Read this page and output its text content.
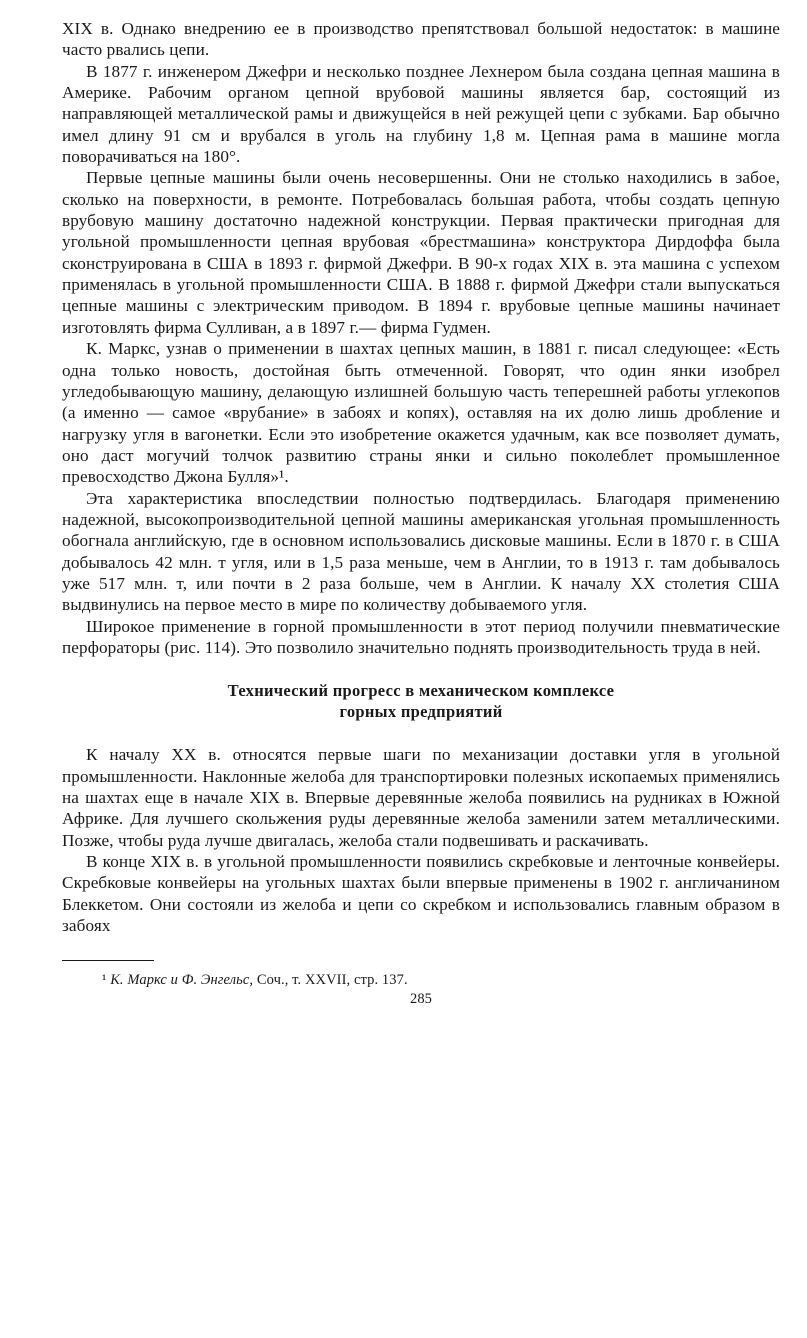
XIX в. Однако внедрению ее в производство препятствовал большой недостаток: в машине часто рвались цепи.

В 1877 г. инженером Джефри и несколько позднее Лехнером была создана цепная машина в Америке. Рабочим органом цепной врубовой машины является бар, состоящий из направляющей металлической рамы и движущейся в ней режущей цепи с зубками. Бар обычно имел длину 91 см и врубался в уголь на глубину 1,8 м. Цепная рама в машине могла поворачиваться на 180°.

Первые цепные машины были очень несовершенны. Они не столько находились в забое, сколько на поверхности, в ремонте. Потребовалась большая работа, чтобы создать цепную врубовую машину достаточно надежной конструкции. Первая практически пригодная для угольной промышленности цепная врубовая «брестмашина» конструктора Дирдоффа была сконструирована в США в 1893 г. фирмой Джефри. В 90-х годах XIX в. эта машина с успехом применялась в угольной промышленности США. В 1888 г. фирмой Джефри стали выпускаться цепные машины с электрическим приводом. В 1894 г. врубовые цепные машины начинает изготовлять фирма Сулливан, а в 1897 г.— фирма Гудмен.

К. Маркс, узнав о применении в шахтах цепных машин, в 1881 г. писал следующее: «Есть одна только новость, достойная быть отмеченной. Говорят, что один янки изобрел угледобывающую машину, делающую излишней большую часть теперешней работы углекопов (а именно — самое «врубание» в забоях и копях), оставляя на их долю лишь дробление и нагрузку угля в вагонетки. Если это изобретение окажется удачным, как все позволяет думать, оно даст могучий толчок развитию страны янки и сильно поколеблет промышленное превосходство Джона Булля»¹.

Эта характеристика впоследствии полностью подтвердилась. Благодаря применению надежной, высокопроизводительной цепной машины американская угольная промышленность обогнала английскую, где в основном использовались дисковые машины. Если в 1870 г. в США добывалось 42 млн. т угля, или в 1,5 раза меньше, чем в Англии, то в 1913 г. там добывалось уже 517 млн. т, или почти в 2 раза больше, чем в Англии. К началу XX столетия США выдвинулись на первое место в мире по количеству добываемого угля.

Широкое применение в горной промышленности в этот период получили пневматические перфораторы (рис. 114). Это позволило значительно поднять производительность труда в ней.

Технический прогресс в механическом комплексе
горных предприятий

К началу XX в. относятся первые шаги по механизации доставки угля в угольной промышленности. Наклонные желоба для транспортировки полезных ископаемых применялись на шахтах еще в начале XIX в. Впервые деревянные желоба появились на рудниках в Южной Африке. Для лучшего скольжения руды деревянные желоба заменили затем металлическими. Позже, чтобы руда лучше двигалась, желоба стали подвешивать и раскачивать.

В конце XIX в. в угольной промышленности появились скребковые и ленточные конвейеры. Скребковые конвейеры на угольных шахтах были впервые применены в 1902 г. англичанином Блеккетом. Они состояли из желоба и цепи со скребком и использовались главным образом в забоях

¹ К. Маркс и Ф. Энгельс, Соч., т. XXVII, стр. 137.

285
